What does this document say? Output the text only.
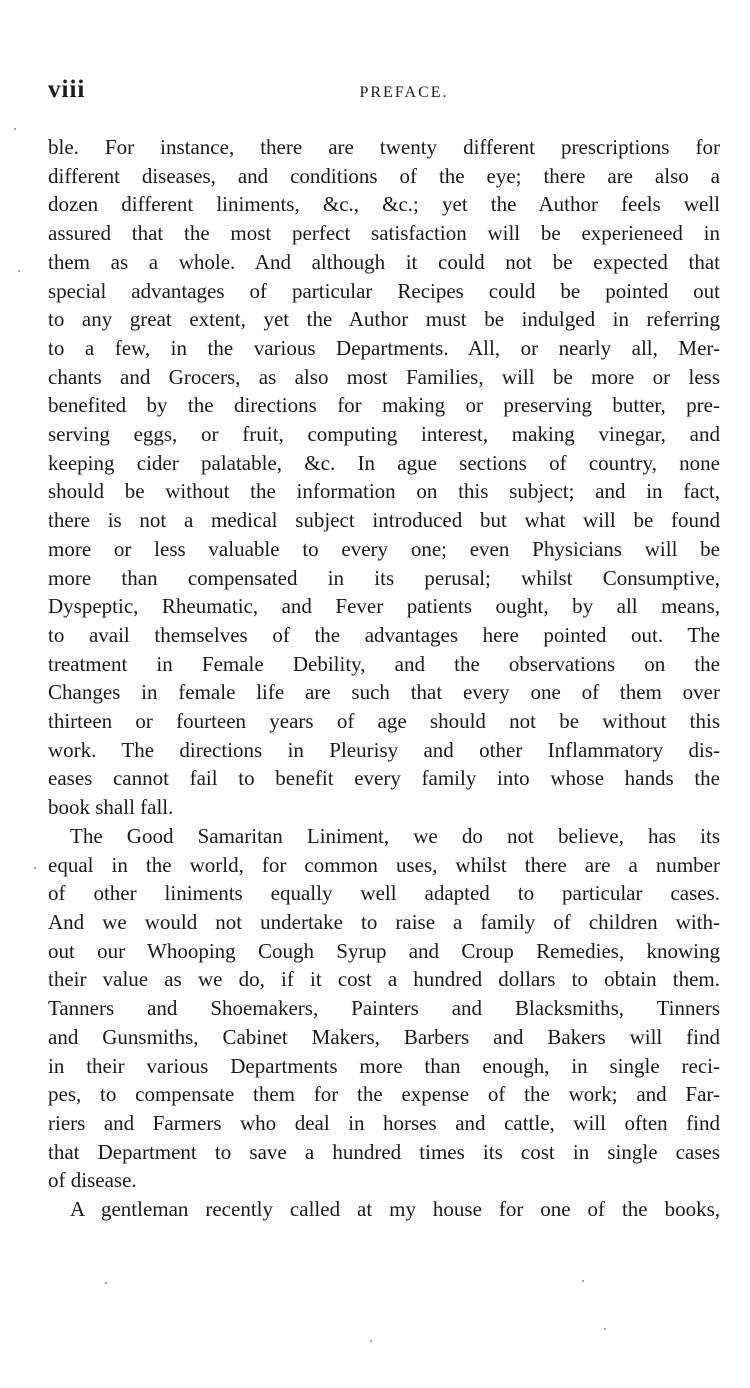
viii	PREFACE.

ble. For instance, there are twenty different prescriptions for
different diseases, and conditions of the eye; there are also a
dozen different liniments, &c., &c.; yet the Author feels well
assured that the most perfect satisfaction will be experieneed in
them as a whole. And although it could not be expected that
special advantages of particular Recipes could be pointed out
to any great extent, yet the Author must be indulged in referring
to a few, in the various Departments. All, or nearly all, Mer-
chants and Grocers, as also most Families, will be more or less
benefited by the directions for making or preserving butter, pre-
serving eggs, or fruit, computing interest, making vinegar, and
keeping cider palatable, &c. In ague sections of country, none
should be without the information on this subject; and in fact,
there is not a medical subject introduced but what will be found
more or less valuable to every one; even Physicians will be
more than compensated in its perusal; whilst Consumptive,
Dyspeptic, Rheumatic, and Fever patients ought, by all means,
to avail themselves of the advantages here pointed out. The
treatment in Female Debility, and the observations on the
Changes in female life are such that every one of them over
thirteen or fourteen years of age should not be without this
work. The directions in Pleurisy and other Inflammatory dis-
eases cannot fail to benefit every family into whose hands the
book shall fall.

The Good Samaritan Liniment, we do not believe, has its
equal in the world, for common uses, whilst there are a number
of other liniments equally well adapted to particular cases.
And we would not undertake to raise a family of children with-
out our Whooping Cough Syrup and Croup Remedies, knowing
their value as we do, if it cost a hundred dollars to obtain them.
Tanners and Shoemakers, Painters and Blacksmiths, Tinners
and Gunsmiths, Cabinet Makers, Barbers and Bakers will find
in their various Departments more than enough, in single reci-
pes, to compensate them for the expense of the work; and Far-
riers and Farmers who deal in horses and cattle, will often find
that Department to save a hundred times its cost in single cases
of disease.

A gentleman recently called at my house for one of the books,
